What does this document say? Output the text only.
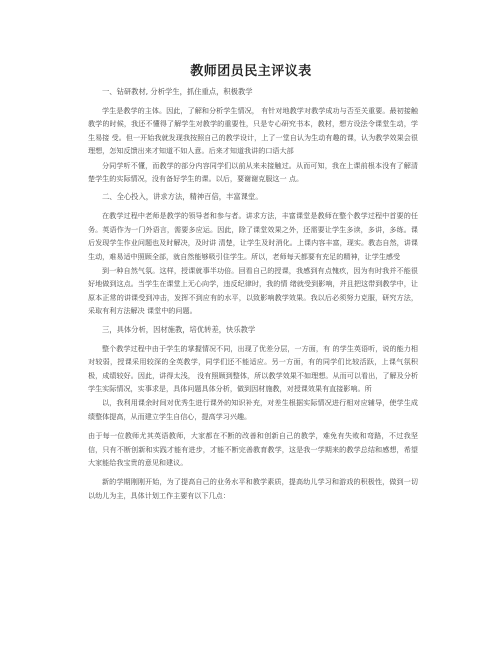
教师团员民主评议表
一、钻研教材, 分析学生，抓住重点，积极教学
学生是教学的主体。因此，了解和分析学生情况， 有针对地教学对教学成功与否至关重要。最初接触教学的时候，我还不懂得了解学生对教学的重要性，只是专心研究书本，教材，想方设法令课堂生动，学生易接 受。但一开始我就发现我按照自己的教学设计，上了一堂自认为生动有趣的课，认为教学效果会很理想，怎知反馈出来才知道不如人意。后来才知道我讲的口语大部
分同学听不懂，而教学的部分内容同学们以前从来未接触过。从而可知，我在上课前根本没有了解清楚学生的实际情况，没有备好学生的课。以后，要谢谢克服这一 点。
二、全心投入，讲求方法，精神百倍，丰富课堂。
在教学过程中老师是教学的领导者和参与者。讲求方法，丰富课堂是教师在整个教学过程中首要的任务。英语作为一门外语言，需要多应运。因此，除了课堂效果之外，还需要让学生多读，多讲，多练。课后发现学生作业问题也及时解决，及时讲 清楚，让学生及时消化。上课内容丰富，现实。教态自然，讲课生动，难易适中照顾全部，就自然能够吸引住学生。所以，老师每天都要有充足的精神，让学生感受
到一种自然气氛。这样，授课就事半功倍。回看自己的授课，我感到有点愧疚，因为有时我并不能很好地做到这点。当学生在课堂上无心向学，违反纪律时，我的情 绪就受到影响，并且把这带到教学中，让原本正常的讲课受到冲击，发挥不到应有的水平，以致影响教学效果。我以后必须努力克服，研究方法，采取有利方法解决 课堂中的问题。
三，具体分析，因材施教，培优转差，快乐教学
整个教学过程中由于学生的掌握情况不同，出现了优差分层，一方面，有 的学生英语听，说的能力相对较弱，授课采用较深的全英教学，同学们还不能适应。另一方面，有的同学们比较活跃，上课气氛积极，成绩较好。因此，讲得太浅， 没有照顾到整体，所以教学效果不如理想。从而可以看出，了解及分析学生实际情况，实事求是，具体问题具体分析，做到因材施教，对授课效果有直接影响。所
以，我利用课余时间对优秀生进行课外的知识补充，对差生根据实际情况进行相对应辅导，使学生成绩整体提高，从而建立学生自信心，提高学习兴趣。
由于每一位教师尤其英语教师，大家都在不断的改善和创新自己的教学，难免有失败和弯路，不过我坚信，只有不断创新和实践才能有进步，才能不断完善教育教学，这是我一学期来的教学总结和感想，希望大家能给我宝贵的意见和建议。
新的学期刚刚开始，为了提高自己的业务水平和教学素质，提高幼儿学习和游戏的积极性，做到一切以幼儿为主，具体计划工作主要有以下几点：
